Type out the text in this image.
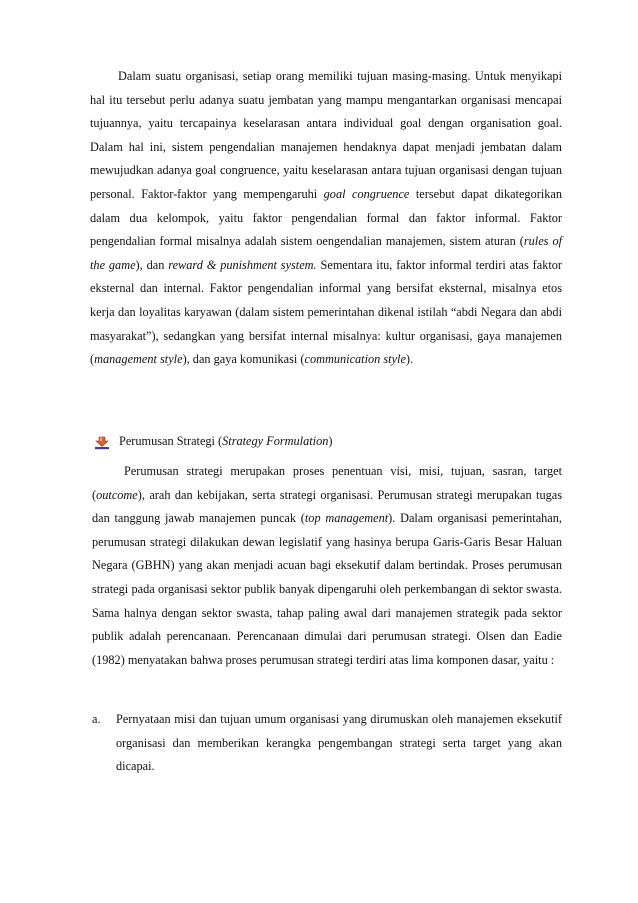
Dalam suatu organisasi, setiap orang memiliki tujuan masing-masing. Untuk menyikapi hal itu tersebut perlu adanya suatu jembatan yang mampu mengantarkan organisasi mencapai tujuannya, yaitu tercapainya keselarasan antara individual goal dengan organisation goal. Dalam hal ini, sistem pengendalian manajemen hendaknya dapat menjadi jembatan dalam mewujudkan adanya goal congruence, yaitu keselarasan antara tujuan organisasi dengan tujuan personal. Faktor-faktor yang mempengaruhi goal congruence tersebut dapat dikategorikan dalam dua kelompok, yaitu faktor pengendalian formal dan faktor informal. Faktor pengendalian formal misalnya adalah sistem oengendalian manajemen, sistem aturan (rules of the game), dan reward & punishment system. Sementara itu, faktor informal terdiri atas faktor eksternal dan internal. Faktor pengendalian informal yang bersifat eksternal, misalnya etos kerja dan loyalitas karyawan (dalam sistem pemerintahan dikenal istilah “abdi Negara dan abdi masyarakat”), sedangkan yang bersifat internal misalnya: kultur organisasi, gaya manajemen (management style), dan gaya komunikasi (communication style).

Perumusan Strategi (Strategy Formulation)

Perumusan strategi merupakan proses penentuan visi, misi, tujuan, sasran, target (outcome), arah dan kebijakan, serta strategi organisasi. Perumusan strategi merupakan tugas dan tanggung jawab manajemen puncak (top management). Dalam organisasi pemerintahan, perumusan strategi dilakukan dewan legislatif yang hasinya berupa Garis-Garis Besar Haluan Negara (GBHN) yang akan menjadi acuan bagi eksekutif dalam bertindak. Proses perumusan strategi pada organisasi sektor publik banyak dipengaruhi oleh perkembangan di sektor swasta. Sama halnya dengan sektor swasta, tahap paling awal dari manajemen strategik pada sektor publik adalah perencanaan. Perencanaan dimulai dari perumusan strategi. Olsen dan Eadie (1982) menyatakan bahwa proses perumusan strategi terdiri atas lima komponen dasar, yaitu :

a.	Pernyataan misi dan tujuan umum organisasi yang dirumuskan oleh manajemen eksekutif organisasi dan memberikan kerangka pengembangan strategi serta target yang akan dicapai.
